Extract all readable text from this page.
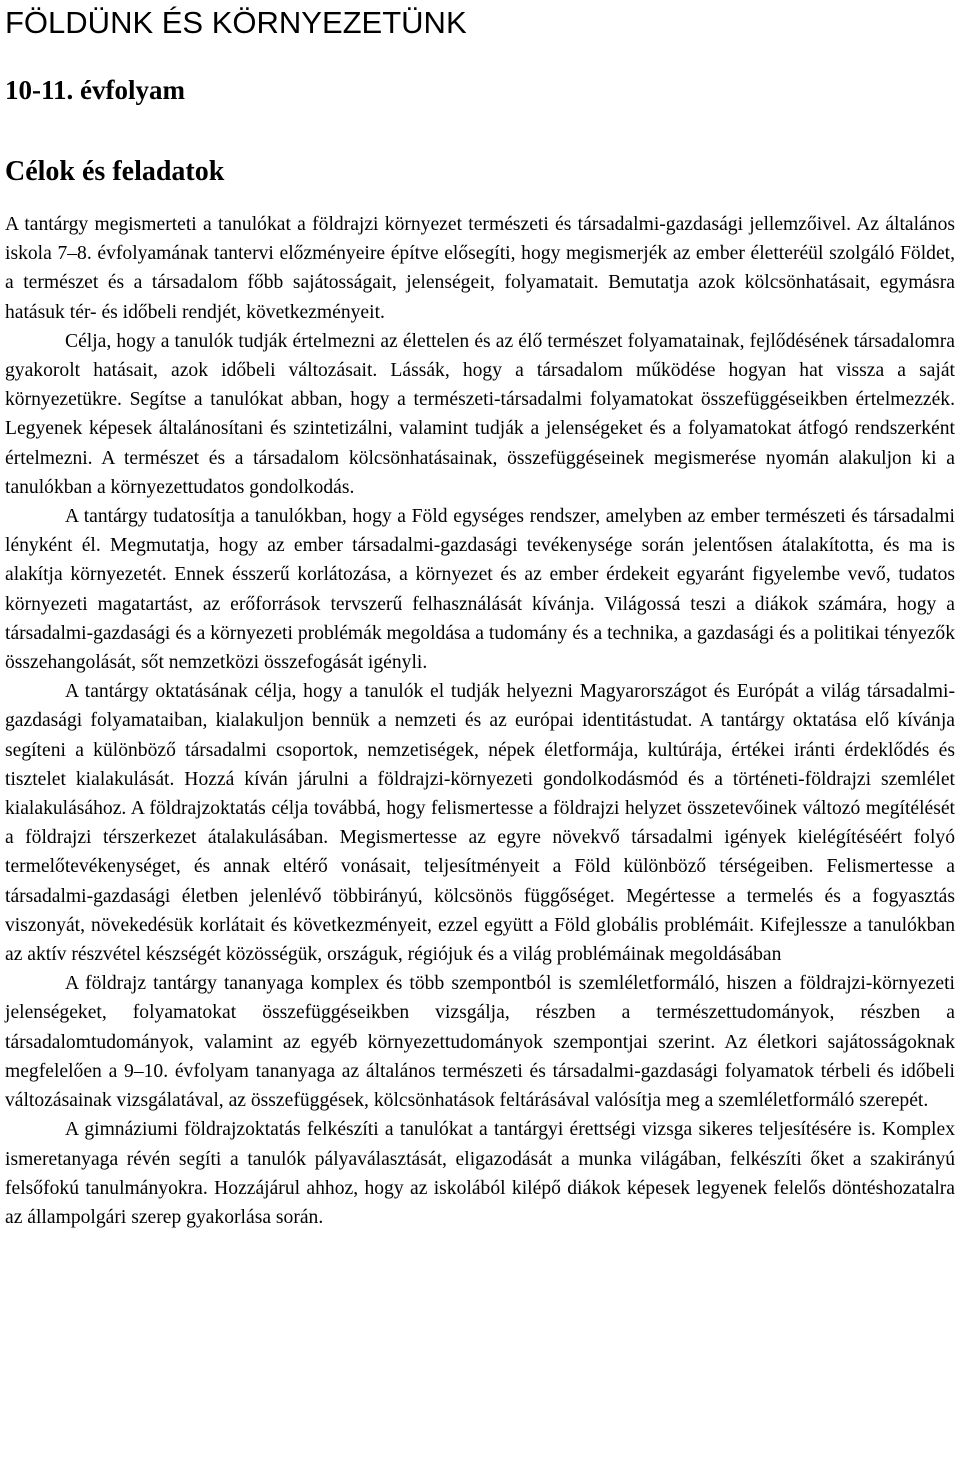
FÖLDÜNK ÉS KÖRNYEZETÜNK
10-11. évfolyam
Célok és feladatok

A tantárgy megismerteti a tanulókat a földrajzi környezet természeti és társadalmi-gazdasági jellemzőivel. Az általános iskola 7–8. évfolyamának tantervi előzményeire építve elősegíti, hogy megismerjék az ember életteréül szolgáló Földet, a természet és a társadalom főbb sajátosságait, jelenségeit, folyamatait. Bemutatja azok kölcsönhatásait, egymásra hatásuk tér- és időbeli rendjét, következményeit.

Célja, hogy a tanulók tudják értelmezni az élettelen és az élő természet folyamatainak, fejlődésének társadalomra gyakorolt hatásait, azok időbeli változásait. Lássák, hogy a társadalom működése hogyan hat vissza a saját környezetükre. Segítse a tanulókat abban, hogy a természeti-társadalmi folyamatokat összefüggéseikben értelmezzék. Legyenek képesek általánosítani és szintetizálni, valamint tudják a jelenségeket és a folyamatokat átfogó rendszerként értelmezni. A természet és a társadalom kölcsönhatásainak, összefüggéseinek megismerése nyomán alakuljon ki a tanulókban a környezettudatos gondolkodás.

A tantárgy tudatosítja a tanulókban, hogy a Föld egységes rendszer, amelyben az ember természeti és társadalmi lényként él. Megmutatja, hogy az ember társadalmi-gazdasági tevékenysége során jelentősen átalakította, és ma is alakítja környezetét. Ennek ésszerű korlátozása, a környezet és az ember érdekeit egyaránt figyelembe vevő, tudatos környezeti magatartást, az erőforrások tervszerű felhasználását kívánja. Világossá teszi a diákok számára, hogy a társadalmi-gazdasági és a környezeti problémák megoldása a tudomány és a technika, a gazdasági és a politikai tényezők összehangolását, sőt nemzetközi összefogását igényli.

A tantárgy oktatásának célja, hogy a tanulók el tudják helyezni Magyarországot és Európát a világ társadalmi-gazdasági folyamataiban, kialakuljon bennük a nemzeti és az európai identitástudat. A tantárgy oktatása elő kívánja segíteni a különböző társadalmi csoportok, nemzetiségek, népek életformája, kultúrája, értékei iránti érdeklődés és tisztelet kialakulását. Hozzá kíván járulni a földrajzi-környezeti gondolkodásmód és a történeti-földrajzi szemlélet kialakulásához. A földrajzoktatás célja továbbá, hogy felismertesse a földrajzi helyzet összetevőinek változó megítélését a földrajzi térszerkezet átalakulásában. Megismertesse az egyre növekvő társadalmi igények kielégítéséért folyó termelőtevékenységet, és annak eltérő vonásait, teljesítményeit a Föld különböző térségeiben. Felismertesse a társadalmi-gazdasági életben jelenlévő többirányú, kölcsönös függőséget. Megértesse a termelés és a fogyasztás viszonyát, növekedésük korlátait és következményeit, ezzel együtt a Föld globális problémáit. Kifejlessze a tanulókban az aktív részvétel készségét közösségük, országuk, régiójuk és a világ problémáinak megoldásában

A földrajz tantárgy tananyaga komplex és több szempontból is szemléletformáló, hiszen a földrajzi-környezeti jelenségeket, folyamatokat összefüggéseikben vizsgálja, részben a természettudományok, részben a társadalomtudományok, valamint az egyéb környezettudományok szempontjai szerint. Az életkori sajátosságoknak megfelelően a 9–10. évfolyam tananyaga az általános természeti és társadalmi-gazdasági folyamatok térbeli és időbeli változásainak vizsgálatával, az összefüggések, kölcsönhatások feltárásával valósítja meg a szemléletformáló szerepét.

A gimnáziumi földrajzoktatás felkészíti a tanulókat a tantárgyi érettségi vizsga sikeres teljesítésére is. Komplex ismeretanyaga révén segíti a tanulók pályaválasztását, eligazodását a munka világában, felkészíti őket a szakirányú felsőfokú tanulmányokra. Hozzájárul ahhoz, hogy az iskolából kilépő diákok képesek legyenek felelős döntéshozatalra az állampolgári szerep gyakorlása során.
